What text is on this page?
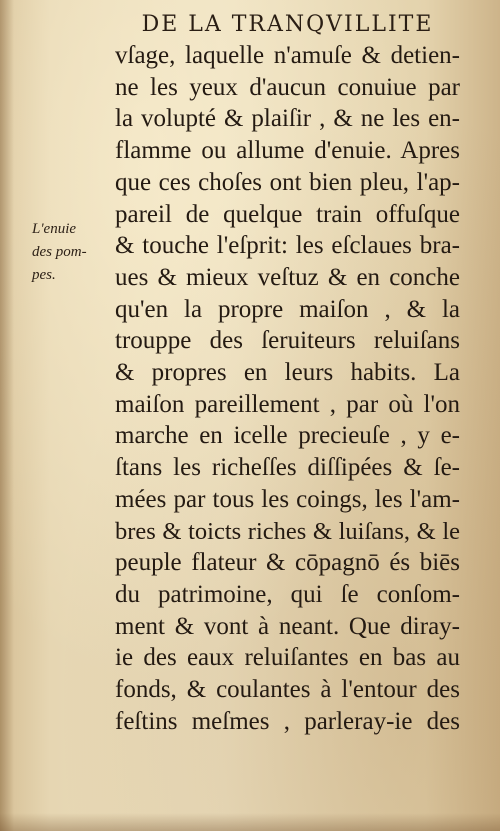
DE LA TRANQVILLITE
L'enuie
des pom-
pes.
vſage, laquelle n'amuſe & detien-
ne les yeux d'aucun conuiue par
la volupté & plaiſir , & ne les en-
flamme ou allume d'enuie. Apres
que ces choſes ont bien pleu, l'ap-
pareil de quelque train offuſque
& touche l'eſprit: les eſclaues bra-
ues & mieux veſtuz & en conche
qu'en la propre maiſon , & la
trouppe des ſeruiteurs reluiſans
& propres en leurs habits. La
maiſon pareillement , par où l'on
marche en icelle precieuſe , y e-
ſtans les richeſſes diſſipées & ſe-
mées par tous les coings, les l'am-
bres & toicts riches & luiſans, & le
peuple flateur & cōpagnō és biēs
du patrimoine, qui ſe conſom-
ment & vont à neant. Que diray-
ie des eaux reluiſantes en bas au
fonds, & coulantes à l'entour des
feſtins meſmes , parleray-ie des
